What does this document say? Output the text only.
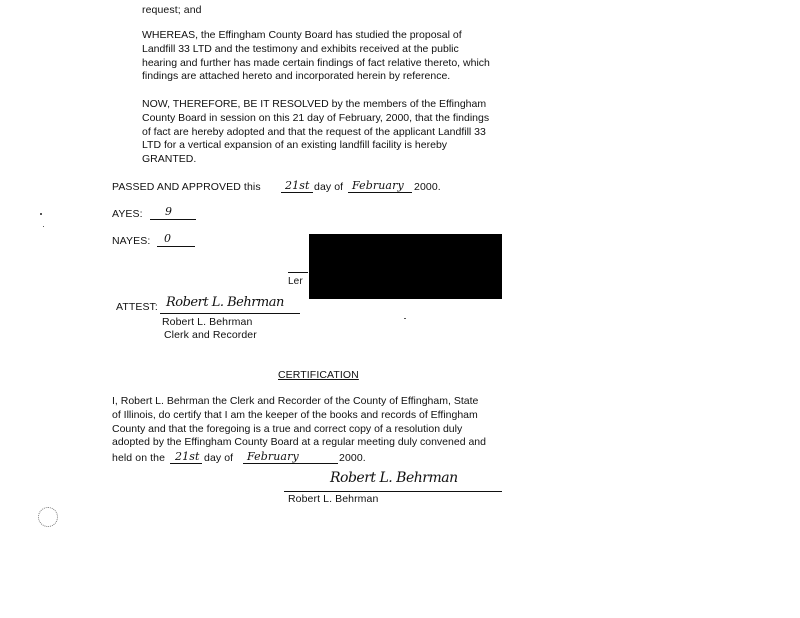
request; and
WHEREAS, the Effingham County Board has studied the proposal of
Landfill 33 LTD and the testimony and exhibits received at the public
hearing and further has made certain findings of fact relative thereto, which
findings are attached hereto and incorporated herein by reference.
NOW, THEREFORE, BE IT RESOLVED by the members of the Effingham
County Board in session on this 21 day of February, 2000, that the findings
of fact are hereby adopted and that the request of the applicant Landfill 33
LTD for a vertical expansion of an existing landfill facility is hereby
GRANTED.
PASSED AND APPROVED this 21st day of February 2000.
AYES: 9
NAYES: 0
Ler
ATTEST: Robert L. Behrman
Robert L. Behrman
Clerk and Recorder
CERTIFICATION
I, Robert L. Behrman the Clerk and Recorder of the County of Effingham, State
of Illinois, do certify that I am the keeper of the books and records of Effingham
County and that the foregoing is a true and correct copy of a resolution duly
adopted by the Effingham County Board at a regular meeting duly convened and
held on the 21st day of February	2000.
Robert L. Behrman
Robert L. Behrman
